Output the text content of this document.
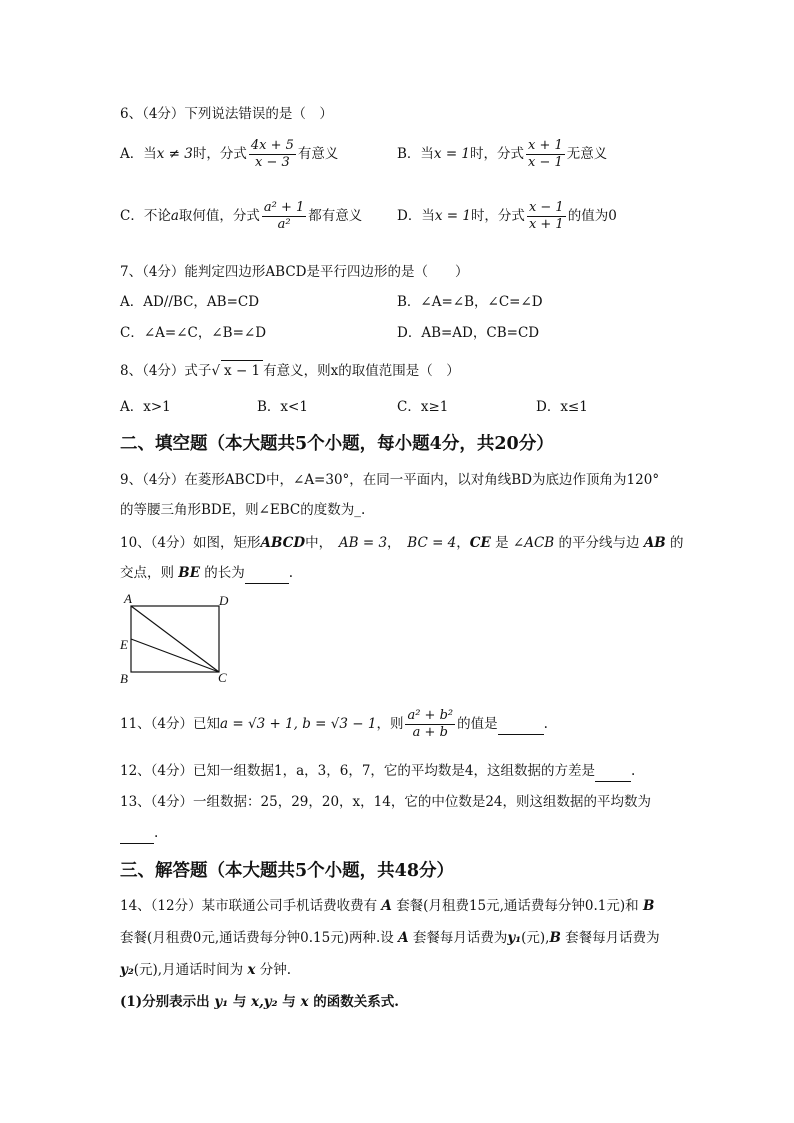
6、（4分）下列说法错误的是（　）
A．当x ≠ 3时，分式 $\frac{4x + 5}{x - 3}$ 有意义	B．当x = 1时，分式 $\frac{x + 1}{x - 1}$ 无意义
C．不论a取何值，分式 $\frac{\text{a² + 1}}{\text{a²}}$ 都有意义	D．当x = 1时，分式 $\frac{x - 1}{x + 1}$ 的值为0
7、（4分）能判定四边形ABCD是平行四边形的是（　　）
A．AD//BC，AB=CD	B．∠A=∠B，∠C=∠D
C．∠A=∠C，∠B=∠D	D．AB=AD，CB=CD
8、（4分）式子√ x − 1 有意义，则x的取值范围是（　）
A．x>1	B．x<1	C．x≥1	D．x≤1
二、填空题（本大题共5个小题，每小题4分，共20分）
9、（4分）在菱形ABCD中，∠A=30°，在同一平面内，以对角线BD为底边作顶角为120°
的等腰三角形BDE，则∠EBC的度数为_.
10、（4分）如图，矩形ABCD中，　 AB = 3，　 BC = 4，CE 是 ∠ACB 的平分线与边 AB 的
交点，则 BE 的长为	.
A	D
E
B	C
11、（4分）已知a = √3 + 1, b = √3 − 1，则 $\frac{\text{a² + b²}}{a + b}$ 的值是	.
12、（4分）已知一组数据1，a，3，6，7，它的平均数是4，这组数据的方差是	.
13、（4分）一组数据：25，29，20，x，14，它的中位数是24，则这组数据的平均数为
.
三、解答题（本大题共5个小题，共48分）
14、（12分）某市联通公司手机话费收费有 A 套餐(月租费15元,通话费每分钟0.1元)和 B
套餐(月租费0元,通话费每分钟0.15元)两种.设 A 套餐每月话费为y₁(元),B 套餐每月话费为
y₂(元),月通话时间为 x 分钟.
(1)分别表示出 y₁ 与 x,y₂ 与 x 的函数关系式.
